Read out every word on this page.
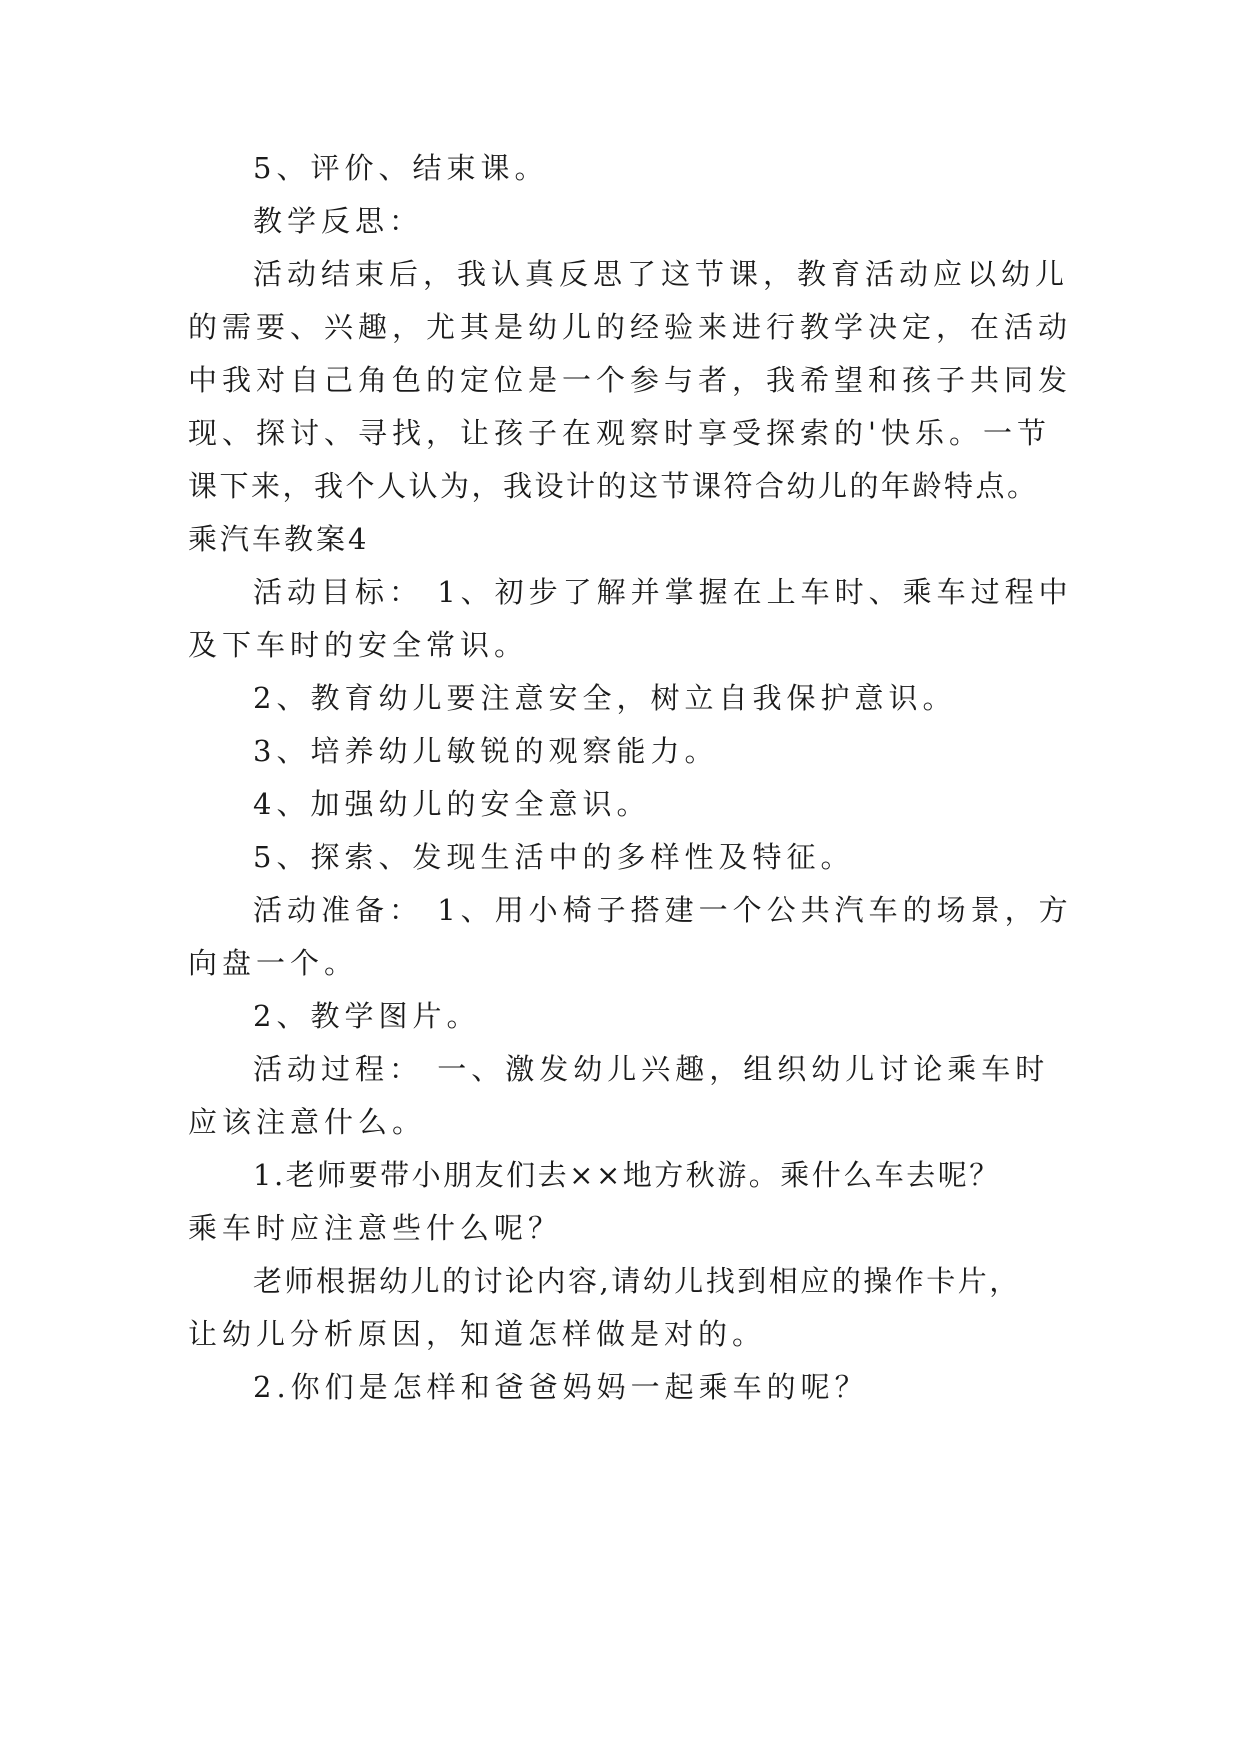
5、评价、结束课。
教学反思：
活动结束后，我认真反思了这节课，教育活动应以幼儿
的需要、兴趣，尤其是幼儿的经验来进行教学决定，在活动
中我对自己角色的定位是一个参与者，我希望和孩子共同发
现、探讨、寻找，让孩子在观察时享受探索的'快乐。一节
课下来，我个人认为，我设计的这节课符合幼儿的年龄特点。
乘汽车教案4
活动目标： 1、初步了解并掌握在上车时、乘车过程中
及下车时的安全常识。
2、教育幼儿要注意安全，树立自我保护意识。
3、培养幼儿敏锐的观察能力。
4、加强幼儿的安全意识。
5、探索、发现生活中的多样性及特征。
活动准备： 1、用小椅子搭建一个公共汽车的场景，方
向盘一个。
2、教学图片。
活动过程： 一、激发幼儿兴趣，组织幼儿讨论乘车时
应该注意什么。
1.老师要带小朋友们去××地方秋游。乘什么车去呢？
乘车时应注意些什么呢？
老师根据幼儿的讨论内容,请幼儿找到相应的操作卡片，
让幼儿分析原因，知道怎样做是对的。
2.你们是怎样和爸爸妈妈一起乘车的呢？
